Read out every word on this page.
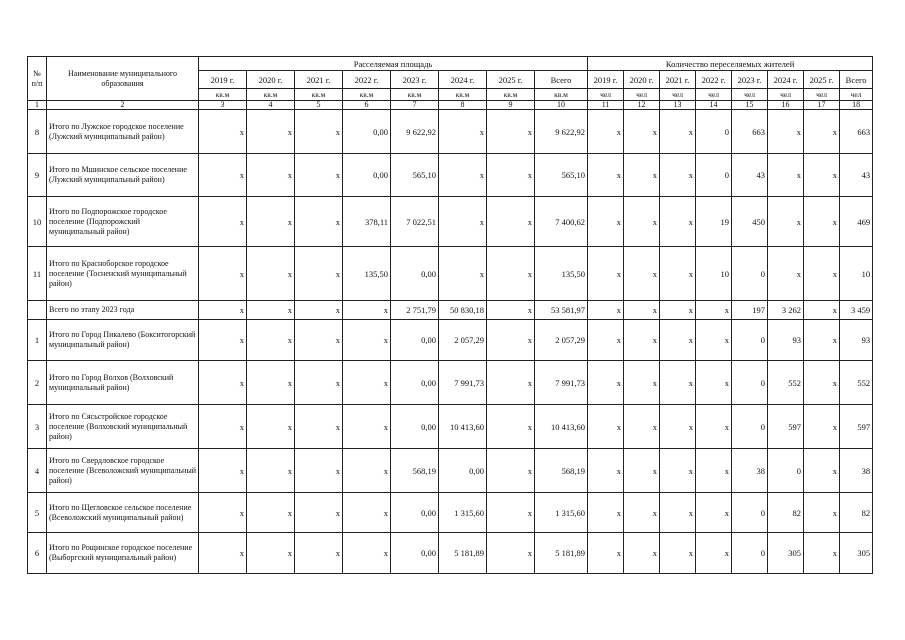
№ п/п	Наименование муниципального образования	Расселяемая площадь								Количество переселяемых жителей							
		2019 г.	2020 г.	2021 г.	2022 г.	2023 г.	2024 г.	2025 г.	Всего	2019 г.	2020 г.	2021 г.	2022 г.	2023 г.	2024 г.	2025 г.	Всего
		кв.м	кв.м	кв.м	кв.м	кв.м	кв.м	кв.м	кв.м	чел	чел	чел	чел	чел	чел	чел	чел
1	2	3	4	5	6	7	8	9	10	11	12	13	14	15	16	17	18
8	Итого по Лужское городское поселение (Лужский муниципальный район)	x	x	x	0,00	9 622,92	x	x	9 622,92	x	x	x	0	663	x	x	663
9	Итого по Мшинское сельское поселение (Лужский муниципальный район)	x	x	x	0,00	565,10	x	x	565,10	x	x	x	0	43	x	x	43
10	Итого по Подпорожское городское поселение (Подпорожский муниципальный район)	x	x	x	378,11	7 022,51	x	x	7 400,62	x	x	x	19	450	x	x	469
11	Итого по Красноборское городское поселение (Тосненский муниципальный район)	x	x	x	135,50	0,00	x	x	135,50	x	x	x	10	0	x	x	10
	Всего по этапу 2023 года	x	x	x	x	2 751,79	50 830,18	x	53 581,97	x	x	x	x	197	3 262	x	3 459
1	Итого по Город Пикалево (Бокситогорский муниципальный район)	x	x	x	x	0,00	2 057,29	x	2 057,29	x	x	x	x	0	93	x	93
2	Итого по Город Волхов (Волховский муниципальный район)	x	x	x	x	0,00	7 991,73	x	7 991,73	x	x	x	x	0	552	x	552
3	Итого по Сясьстройское городское поселение (Волховский муниципальный район)	x	x	x	x	0,00	10 413,60	x	10 413,60	x	x	x	x	0	597	x	597
4	Итого по Свердловское городское поселение (Всеволожский муниципальный район)	x	x	x	x	568,19	0,00	x	568,19	x	x	x	x	38	0	x	38
5	Итого по Щегловское сельское поселение (Всеволожский муниципальный район)	x	x	x	x	0,00	1 315,60	x	1 315,60	x	x	x	x	0	82	x	82
6	Итого по Рощинское городское поселение (Выборгский муниципальный район)	x	x	x	x	0,00	5 181,89	x	5 181,89	x	x	x	x	0	305	x	305
